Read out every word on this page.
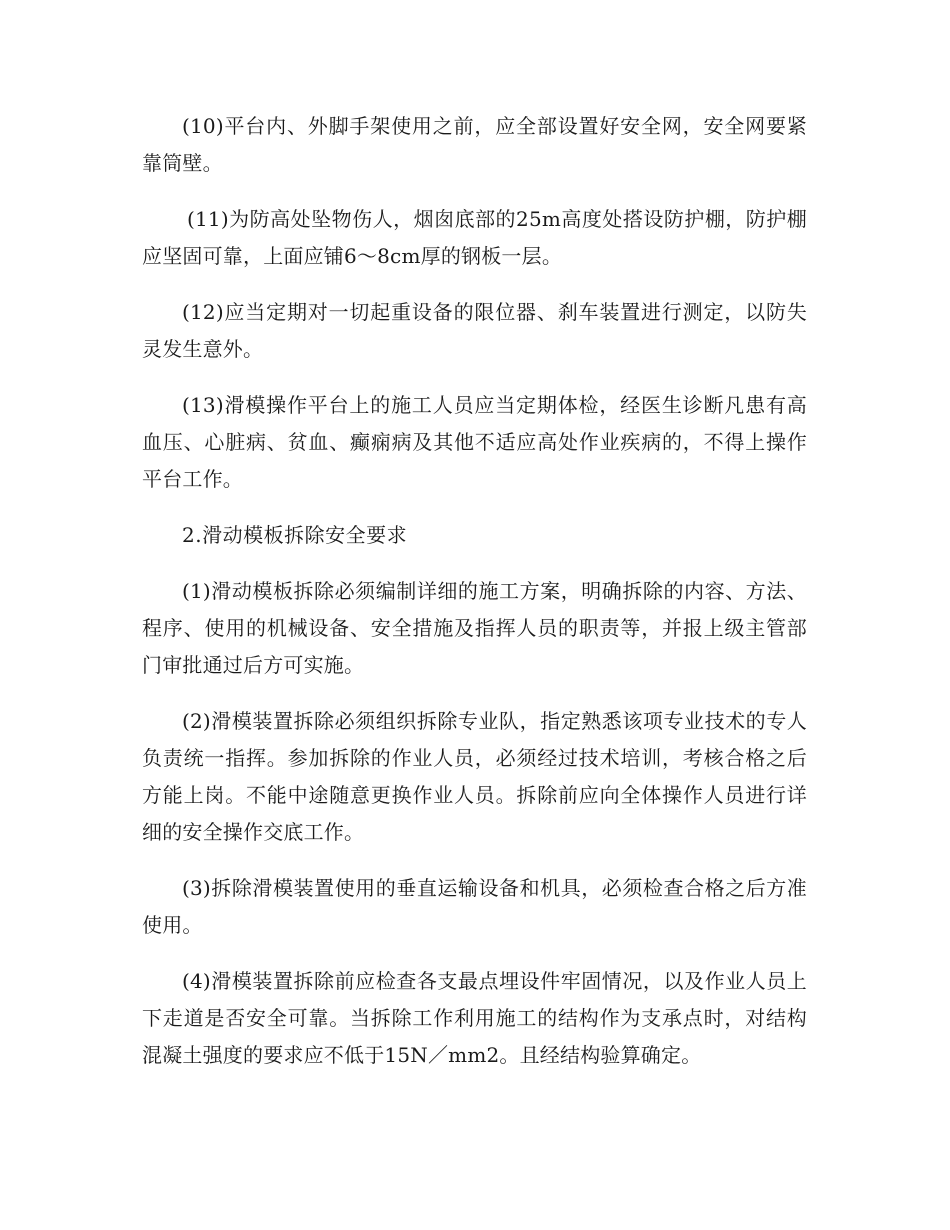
(10)平台内、外脚手架使用之前，应全部设置好安全网，安全网要紧靠筒壁。

(11)为防高处坠物伤人，烟囱底部的25m高度处搭设防护棚，防护棚应坚固可靠，上面应铺6～8cm厚的钢板一层。

(12)应当定期对一切起重设备的限位器、刹车装置进行测定，以防失灵发生意外。

(13)滑模操作平台上的施工人员应当定期体检，经医生诊断凡患有高血压、心脏病、贫血、癫痫病及其他不适应高处作业疾病的，不得上操作平台工作。

2.滑动模板拆除安全要求

(1)滑动模板拆除必须编制详细的施工方案，明确拆除的内容、方法、程序、使用的机械设备、安全措施及指挥人员的职责等，并报上级主管部门审批通过后方可实施。

(2)滑模装置拆除必须组织拆除专业队，指定熟悉该项专业技术的专人负责统一指挥。参加拆除的作业人员，必须经过技术培训，考核合格之后方能上岗。不能中途随意更换作业人员。拆除前应向全体操作人员进行详细的安全操作交底工作。

(3)拆除滑模装置使用的垂直运输设备和机具，必须检查合格之后方准使用。

(4)滑模装置拆除前应检查各支最点埋设件牢固情况，以及作业人员上下走道是否安全可靠。当拆除工作利用施工的结构作为支承点时，对结构混凝土强度的要求应不低于15N／mm2。且经结构验算确定。
